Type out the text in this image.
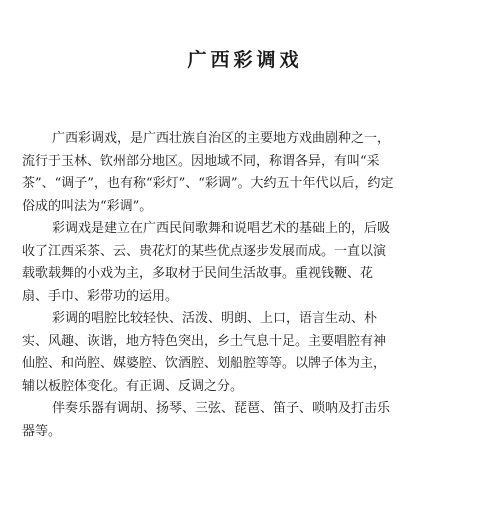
广西彩调戏

广西彩调戏，是广西壮族自治区的主要地方戏曲剧种之一，
流行于玉林、钦州部分地区。因地域不同，称谓各异，有叫“采
茶”、“调子”，也有称“彩灯”、“彩调”。大约五十年代以后，约定
俗成的叫法为“彩调”。

彩调戏是建立在广西民间歌舞和说唱艺术的基础上的，后吸
收了江西采茶、云、贵花灯的某些优点逐步发展而成。一直以演
载歌载舞的小戏为主，多取材于民间生活故事。重视钱鞭、花
扇、手巾、彩带功的运用。

彩调的唱腔比较轻快、活泼、明朗、上口，语言生动、朴
实、风趣、诙谐，地方特色突出，乡土气息十足。主要唱腔有神
仙腔、和尚腔、媒婆腔、饮酒腔、划船腔等等。以牌子体为主，
辅以板腔体变化。有正调、反调之分。

伴奏乐器有调胡、扬琴、三弦、琵琶、笛子、唢呐及打击乐
器等。
